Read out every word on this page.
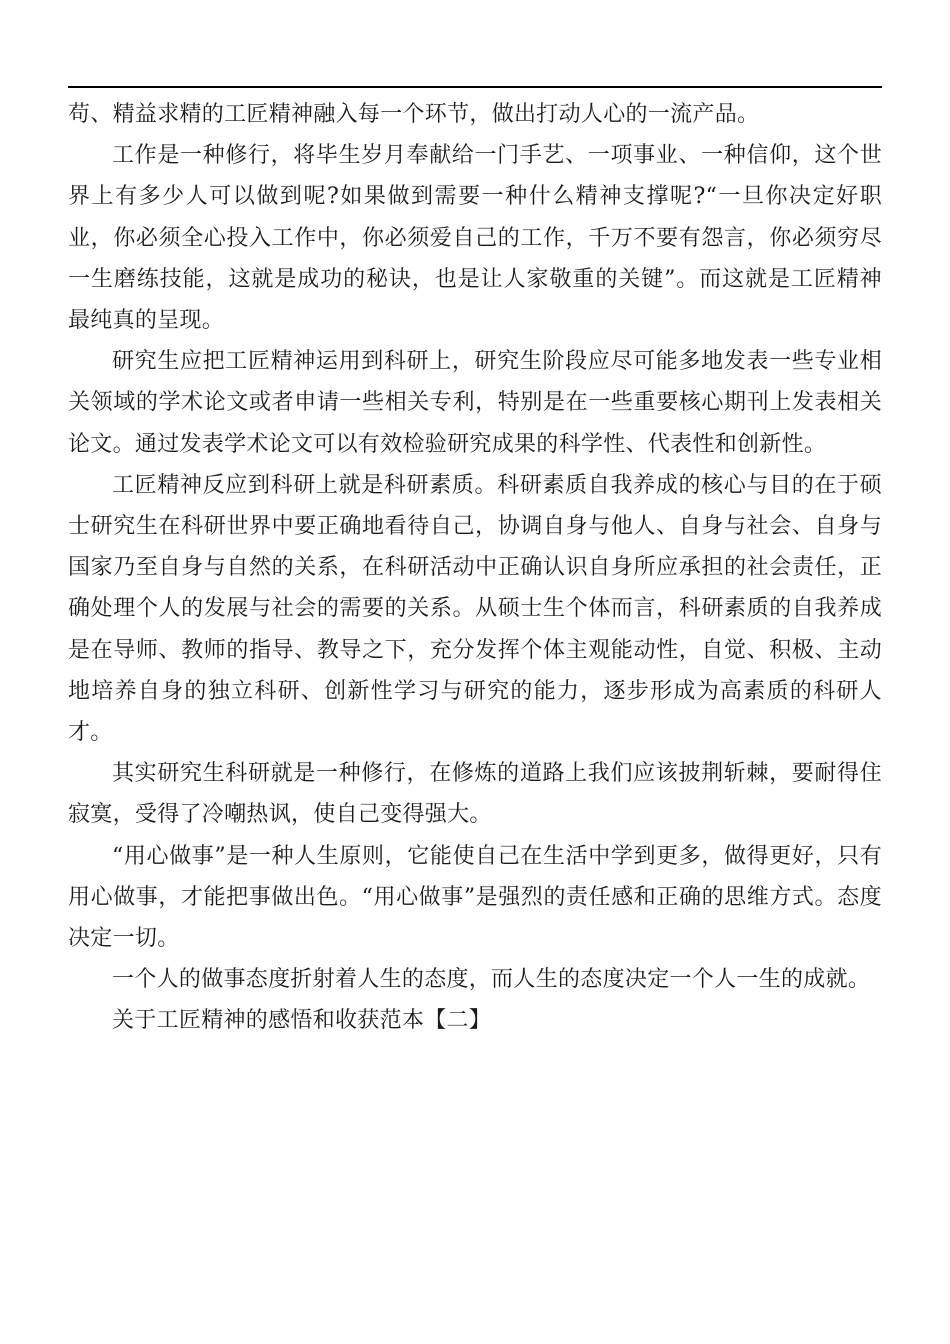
苟、精益求精的工匠精神融入每一个环节，做出打动人心的一流产品。

工作是一种修行，将毕生岁月奉献给一门手艺、一项事业、一种信仰，这个世界上有多少人可以做到呢?如果做到需要一种什么精神支撑呢?“一旦你决定好职业，你必须全心投入工作中，你必须爱自己的工作，千万不要有怨言，你必须穷尽一生磨练技能，这就是成功的秘诀，也是让人家敬重的关键”。而这就是工匠精神最纯真的呈现。

研究生应把工匠精神运用到科研上，研究生阶段应尽可能多地发表一些专业相关领域的学术论文或者申请一些相关专利，特别是在一些重要核心期刊上发表相关论文。通过发表学术论文可以有效检验研究成果的科学性、代表性和创新性。

工匠精神反应到科研上就是科研素质。科研素质自我养成的核心与目的在于硕士研究生在科研世界中要正确地看待自己，协调自身与他人、自身与社会、自身与国家乃至自身与自然的关系，在科研活动中正确认识自身所应承担的社会责任，正确处理个人的发展与社会的需要的关系。从硕士生个体而言，科研素质的自我养成是在导师、教师的指导、教导之下，充分发挥个体主观能动性，自觉、积极、主动地培养自身的独立科研、创新性学习与研究的能力，逐步形成为高素质的科研人才。

其实研究生科研就是一种修行，在修炼的道路上我们应该披荆斩棘，要耐得住寂寞，受得了冷嘲热讽，使自己变得强大。

“用心做事”是一种人生原则，它能使自己在生活中学到更多，做得更好，只有用心做事，才能把事做出色。“用心做事”是强烈的责任感和正确的思维方式。态度决定一切。

一个人的做事态度折射着人生的态度，而人生的态度决定一个人一生的成就。

关于工匠精神的感悟和收获范本【二】
